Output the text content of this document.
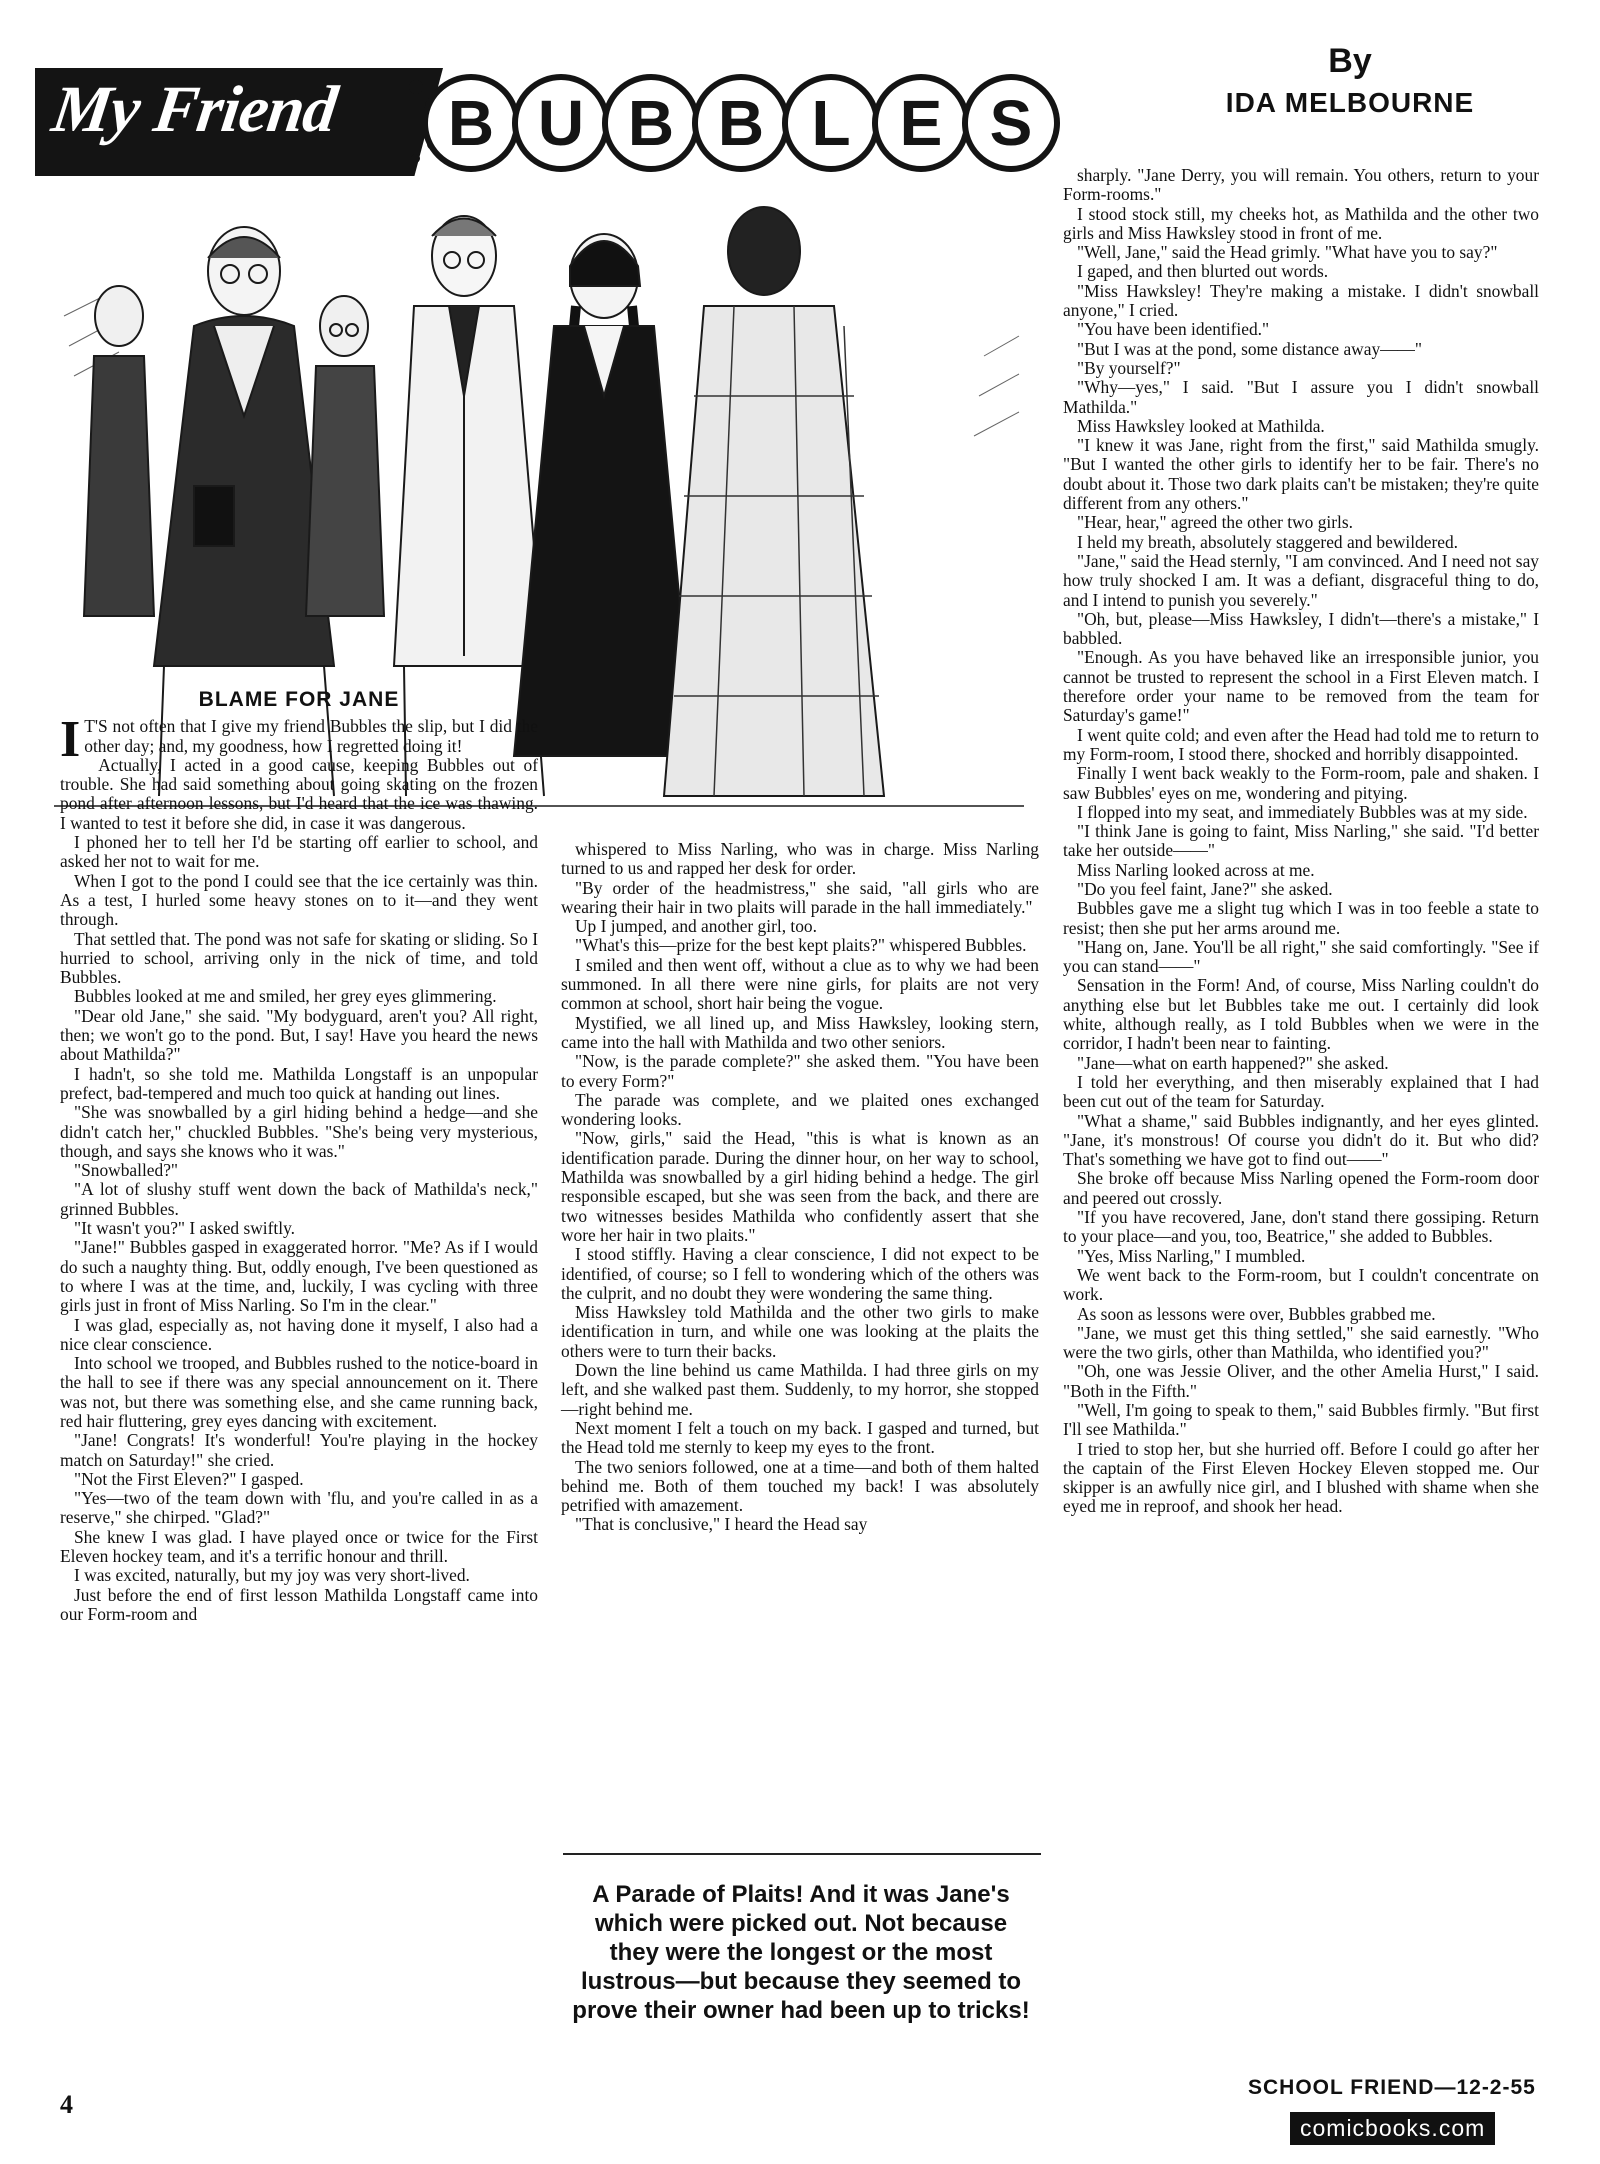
My Friend	B U B B L E S
By
IDA MELBOURNE
BLAME FOR JANE

I T'S not often that I give my friend Bubbles the slip, but I did the other day; and, my goodness, how I regretted doing it!

Actually, I acted in a good cause, keeping Bubbles out of trouble. She had said something about going skating on the frozen pond after afternoon lessons, but I'd heard that the ice was thawing. I wanted to test it before she did, in case it was dangerous.

I phoned her to tell her I'd be starting off earlier to school, and asked her not to wait for me.

When I got to the pond I could see that the ice certainly was thin. As a test, I hurled some heavy stones on to it—and they went through.

That settled that. The pond was not safe for skating or sliding. So I hurried to school, arriving only in the nick of time, and told Bubbles.

Bubbles looked at me and smiled, her grey eyes glimmering.

"Dear old Jane," she said. "My bodyguard, aren't you? All right, then; we won't go to the pond. But, I say! Have you heard the news about Mathilda?"

I hadn't, so she told me. Mathilda Longstaff is an unpopular prefect, bad-tempered and much too quick at handing out lines.

"She was snowballed by a girl hiding behind a hedge—and she didn't catch her," chuckled Bubbles. "She's being very mysterious, though, and says she knows who it was."

"Snowballed?"

"A lot of slushy stuff went down the back of Mathilda's neck," grinned Bubbles.

"It wasn't you?" I asked swiftly.

"Jane!" Bubbles gasped in exaggerated horror. "Me? As if I would do such a naughty thing. But, oddly enough, I've been questioned as to where I was at the time, and, luckily, I was cycling with three girls just in front of Miss Narling. So I'm in the clear."

I was glad, especially as, not having done it myself, I also had a nice clear conscience.

Into school we trooped, and Bubbles rushed to the notice-board in the hall to see if there was any special announcement on it. There was not, but there was something else, and she came running back, red hair fluttering, grey eyes dancing with excitement.

"Jane! Congrats! It's wonderful! You're playing in the hockey match on Saturday!" she cried.

"Not the First Eleven?" I gasped.

"Yes—two of the team down with 'flu, and you're called in as a reserve," she chirped. "Glad?"

She knew I was glad. I have played once or twice for the First Eleven hockey team, and it's a terrific honour and thrill.

I was excited, naturally, but my joy was very short-lived.

Just before the end of first lesson Mathilda Longstaff came into our Form-room and

whispered to Miss Narling, who was in charge. Miss Narling turned to us and rapped her desk for order.

"By order of the headmistress," she said, "all girls who are wearing their hair in two plaits will parade in the hall immediately."

Up I jumped, and another girl, too.

"What's this—prize for the best kept plaits?" whispered Bubbles.

I smiled and then went off, without a clue as to why we had been summoned. In all there were nine girls, for plaits are not very common at school, short hair being the vogue.

Mystified, we all lined up, and Miss Hawksley, looking stern, came into the hall with Mathilda and two other seniors.

"Now, is the parade complete?" she asked them. "You have been to every Form?"

The parade was complete, and we plaited ones exchanged wondering looks.

"Now, girls," said the Head, "this is what is known as an identification parade. During the dinner hour, on her way to school, Mathilda was snowballed by a girl hiding behind a hedge. The girl responsible escaped, but she was seen from the back, and there are two witnesses besides Mathilda who confidently assert that she wore her hair in two plaits."

I stood stiffly. Having a clear conscience, I did not expect to be identified, of course; so I fell to wondering which of the others was the culprit, and no doubt they were wondering the same thing.

Miss Hawksley told Mathilda and the other two girls to make identification in turn, and while one was looking at the plaits the others were to turn their backs.

Down the line behind us came Mathilda. I had three girls on my left, and she walked past them. Suddenly, to my horror, she stopped—right behind me.

Next moment I felt a touch on my back. I gasped and turned, but the Head told me sternly to keep my eyes to the front.

The two seniors followed, one at a time—and both of them halted behind me. Both of them touched my back! I was absolutely petrified with amazement.

"That is conclusive," I heard the Head say

sharply. "Jane Derry, you will remain. You others, return to your Form-rooms."

I stood stock still, my cheeks hot, as Mathilda and the other two girls and Miss Hawksley stood in front of me.

"Well, Jane," said the Head grimly. "What have you to say?"

I gaped, and then blurted out words.

"Miss Hawksley! They're making a mistake. I didn't snowball anyone," I cried.

"You have been identified."

"But I was at the pond, some distance away——"

"By yourself?"

"Why—yes," I said. "But I assure you I didn't snowball Mathilda."

Miss Hawksley looked at Mathilda.

"I knew it was Jane, right from the first," said Mathilda smugly. "But I wanted the other girls to identify her to be fair. There's no doubt about it. Those two dark plaits can't be mistaken; they're quite different from any others."

"Hear, hear," agreed the other two girls.

I held my breath, absolutely staggered and bewildered.

"Jane," said the Head sternly, "I am convinced. And I need not say how truly shocked I am. It was a defiant, disgraceful thing to do, and I intend to punish you severely."

"Oh, but, please—Miss Hawksley, I didn't—there's a mistake," I babbled.

"Enough. As you have behaved like an irresponsible junior, you cannot be trusted to represent the school in a First Eleven match. I therefore order your name to be removed from the team for Saturday's game!"

I went quite cold; and even after the Head had told me to return to my Form-room, I stood there, shocked and horribly disappointed.

Finally I went back weakly to the Form-room, pale and shaken. I saw Bubbles' eyes on me, wondering and pitying.

I flopped into my seat, and immediately Bubbles was at my side.

"I think Jane is going to faint, Miss Narling," she said. "I'd better take her outside——"

Miss Narling looked across at me.

"Do you feel faint, Jane?" she asked.

Bubbles gave me a slight tug which I was in too feeble a state to resist; then she put her arms around me.

"Hang on, Jane. You'll be all right," she said comfortingly. "See if you can stand——"

Sensation in the Form! And, of course, Miss Narling couldn't do anything else but let Bubbles take me out. I certainly did look white, although really, as I told Bubbles when we were in the corridor, I hadn't been near to fainting.

"Jane—what on earth happened?" she asked.

I told her everything, and then miserably explained that I had been cut out of the team for Saturday.

"What a shame," said Bubbles indignantly, and her eyes glinted. "Jane, it's monstrous! Of course you didn't do it. But who did? That's something we have got to find out——"

She broke off because Miss Narling opened the Form-room door and peered out crossly.

"If you have recovered, Jane, don't stand there gossiping. Return to your place—and you, too, Beatrice," she added to Bubbles.

"Yes, Miss Narling," I mumbled.

We went back to the Form-room, but I couldn't concentrate on work.

As soon as lessons were over, Bubbles grabbed me.

"Jane, we must get this thing settled," she said earnestly. "Who were the two girls, other than Mathilda, who identified you?"

"Oh, one was Jessie Oliver, and the other Amelia Hurst," I said. "Both in the Fifth."

"Well, I'm going to speak to them," said Bubbles firmly. "But first I'll see Mathilda."

I tried to stop her, but she hurried off. Before I could go after her the captain of the First Eleven Hockey Eleven stopped me. Our skipper is an awfully nice girl, and I blushed with shame when she eyed me in reproof, and shook her head.

A Parade of Plaits! And it was Jane's which were picked out. Not because they were the longest or the most lustrous—but because they seemed to prove their owner had been up to tricks!
4
SCHOOL FRIEND—12-2-55
comicbooks.com
